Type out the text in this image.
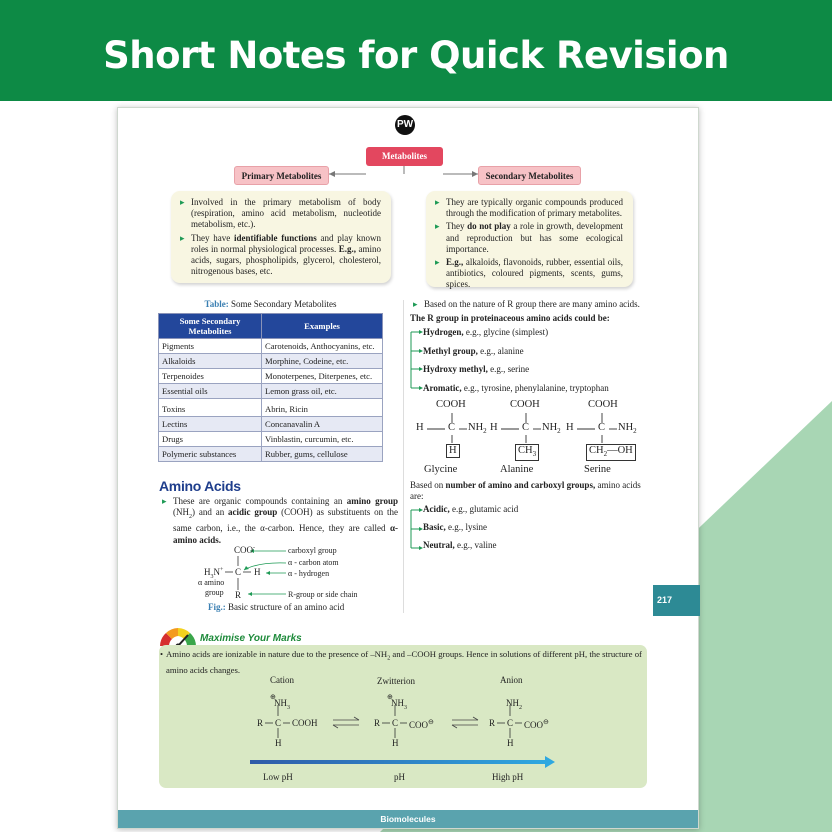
Short Notes for Quick Revision
PW
Metabolites
Primary Metabolites	Secondary Metabolites
▸ Involved in the primary metabolism of body (respiration, amino acid metabolism, nucleotide metabolism, etc.).
▸ They have identifiable functions and play known roles in normal physiological processes. E.g., amino acids, sugars, phospholipids, glycerol, cholesterol, nitrogenous bases, etc.
▸ They are typically organic compounds produced through the modification of primary metabolites.
▸ They do not play a role in growth, development and reproduction but has some ecological importance.
▸ E.g., alkaloids, flavonoids, rubber, essential oils, antibiotics, coloured pigments, scents, gums, spices.
Table: Some Secondary Metabolites
Some Secondary Metabolites	Examples
Pigments	Carotenoids, Anthocyanins, etc.
Alkaloids	Morphine, Codeine, etc.
Terpenoides	Monoterpenes, Diterpenes, etc.
Essential oils	Lemon grass oil, etc.
Toxins	Abrin, Ricin
Lectins	Concanavalin A
Drugs	Vinblastin, curcumin, etc.
Polymeric substances	Rubber, gums, cellulose
Amino Acids
▸ These are organic compounds containing an amino group $(NH_2)$ and an acidic group (COOH) as substituents on the same carbon, i.e., the α-carbon. Hence, they are called α-amino acids.
COO-
$H_3N^+$ C H
R
α amino
group
carboxyl group
α - carbon atom
α - hydrogen
R-group or side chain
Fig.: Basic structure of an amino acid
▸ Based on the nature of R group there are many amino acids.
The R group in proteinaceous amino acids could be:
Hydrogen, e.g., glycine (simplest)
Methyl group, e.g., alanine
Hydroxy methyl, e.g., serine
Aromatic, e.g., tyrosine, phenylalanine, tryptophan
COOH
H C $NH_2$
H
Glycine
COOH
H C $NH_2$
$CH_3$
Alanine
COOH
H C $NH_2$
$CH_2—OH$
Serine
Based on number of amino and carboxyl groups, amino acids are:
Acidic, e.g., glutamic acid
Basic, e.g., lysine
Neutral, e.g., valine
217
Maximise Your Marks
• Amino acids are ionizable in nature due to the presence of $-NH_2$ and –COOH groups. Hence in solutions of different pH, the structure of amino acids changes.
Cation	Zwitterion	Anion
⊕
$NH_3$
R C COOH
H
⊕
$NH_3$
R C COO⊖
H
$NH_2$
R C COO⊖
H
Low pH	pH	High pH
Biomolecules
